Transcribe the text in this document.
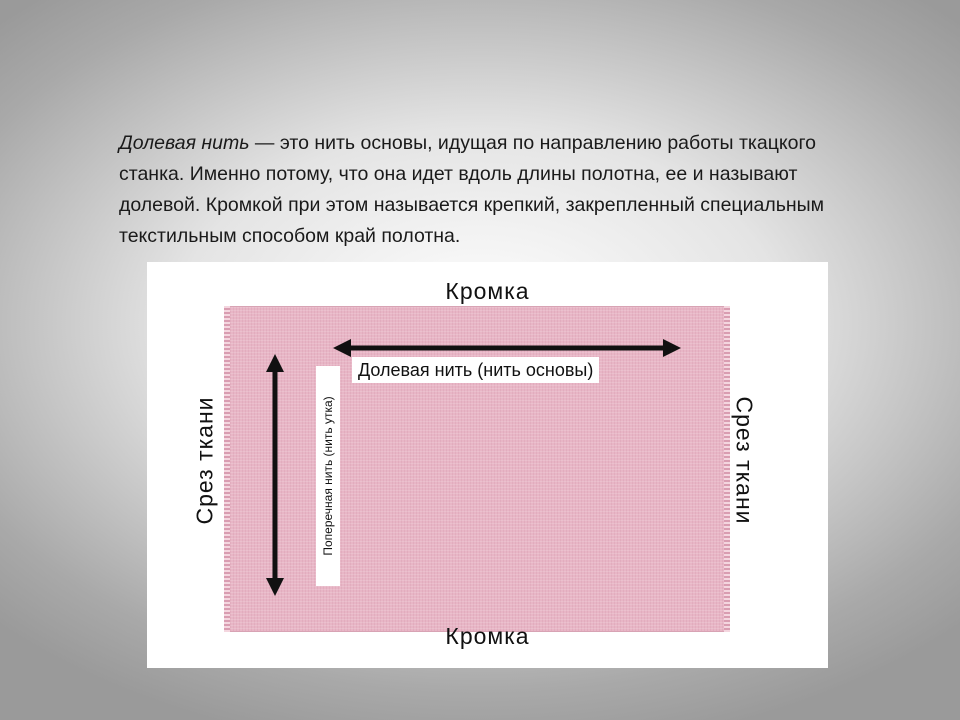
Долевая нить — это нить основы, идущая по направлению работы ткацкого станка. Именно потому, что она идет вдоль длины полотна, ее и называют долевой. Кромкой при этом называется крепкий, закрепленный специальным текстильным способом край полотна.

Кромка
Кромка
Срез ткани	Срез ткани
Долевая нить (нить основы)
Поперечная нить (нить утка)
